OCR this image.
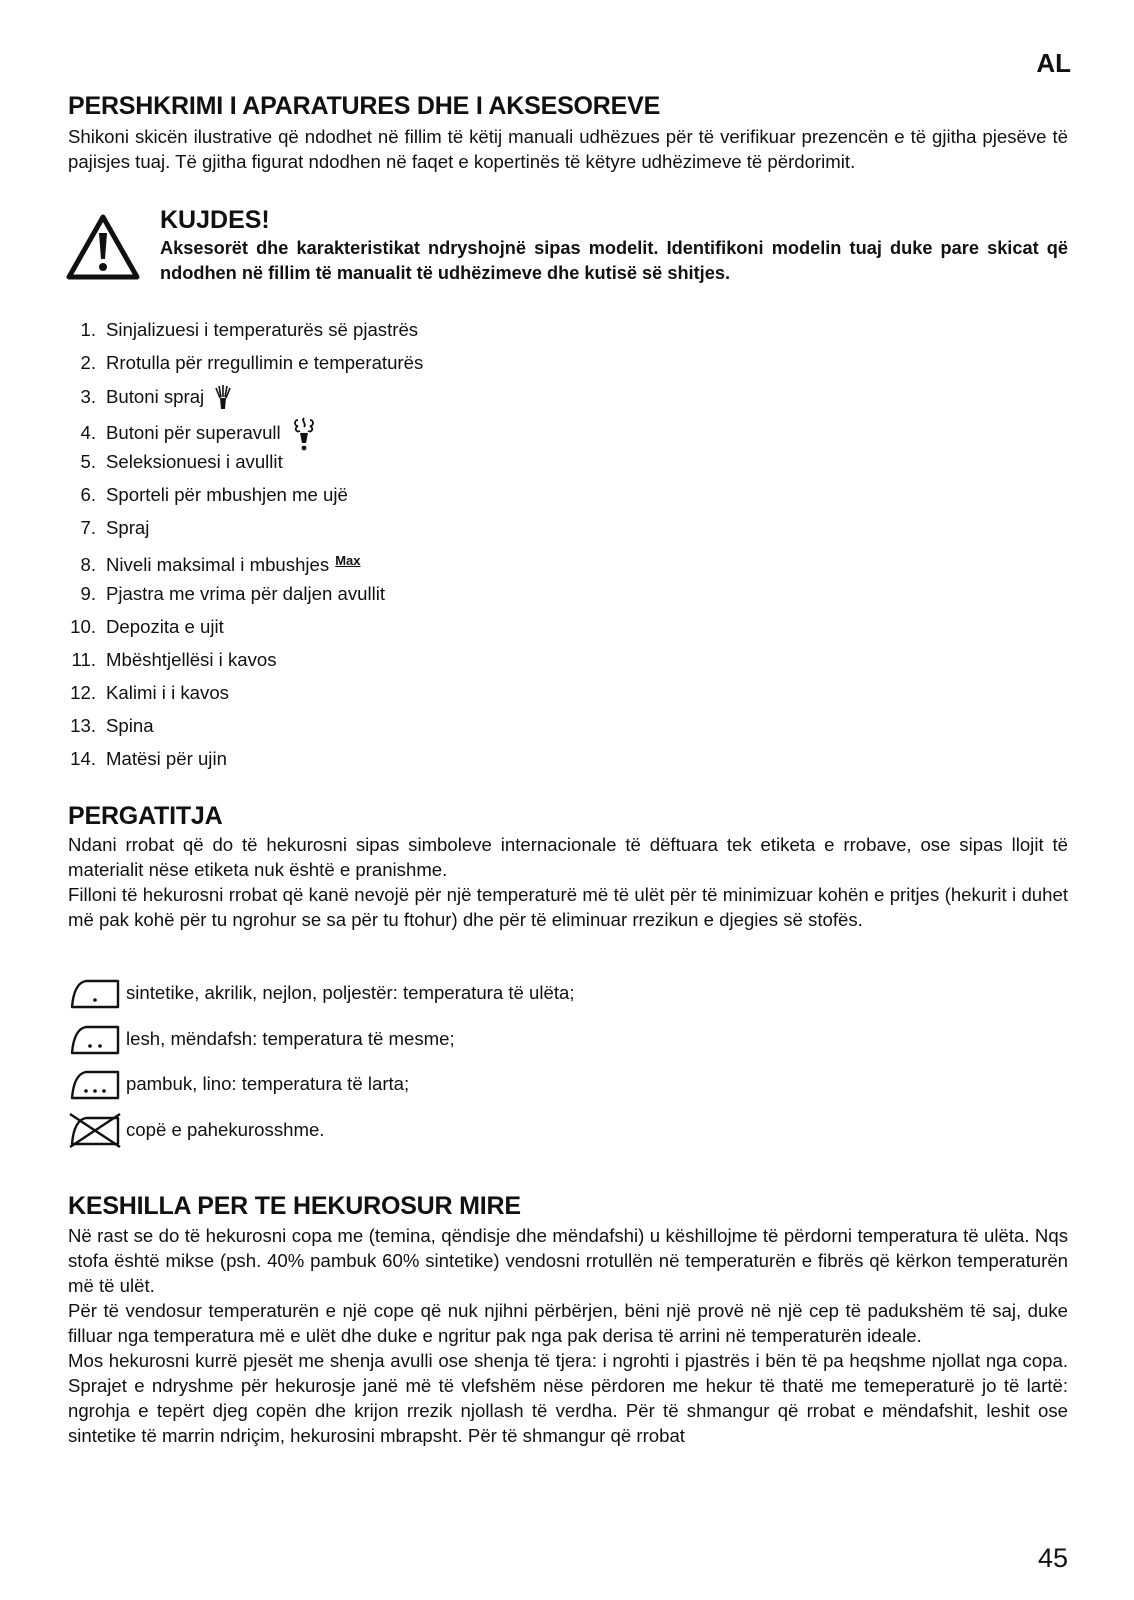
AL
PERSHKRIMI I APARATURES DHE I AKSESOREVE

Shikoni skicën ilustrative që ndodhet në fillim të këtij manuali udhëzues për të verifikuar prezencën e të gjitha pjesëve të pajisjes tuaj. Të gjitha figurat ndodhen në faqet e kopertinës të këtyre udhëzimeve të përdorimit.

KUJDES!

Aksesorët dhe karakteristikat ndryshojnë sipas modelit. Identifikoni modelin tuaj duke pare skicat që ndodhen në fillim të manualit të udhëzimeve dhe kutisë së shitjes.

1. Sinjalizuesi i temperaturës së pjastrës
2. Rrotulla për rregullimin e temperaturës
3. Butoni spraj
4. Butoni për superavull
5. Seleksionuesi i avullit
6. Sporteli për mbushjen me ujë
7. Spraj
8. Niveli maksimal i mbushjes $^{Max}$
9. Pjastra me vrima për daljen avullit
10. Depozita e ujit
11. Mbështjellësi i kavos
12. Kalimi i i kavos
13. Spina
14. Matësi për ujin
PERGATITJA

Ndani rrobat që do të hekurosni sipas simboleve internacionale të dëftuara tek etiketa e rrobave, ose sipas llojit të materialit nëse etiketa nuk është e pranishme.

Filloni të hekurosni rrobat që kanë nevojë për një temperaturë më të ulët për të minimizuar kohën e pritjes (hekurit i duhet më pak kohë për tu ngrohur se sa për tu ftohur) dhe për të eliminuar rrezikun e djegies së stofës.

sintetike, akrilik, nejlon, poljestër: temperatura të ulëta;
lesh, mëndafsh: temperatura të mesme;
pambuk, lino: temperatura të larta;
copë e pahekurosshme.
KESHILLA PER TE HEKUROSUR MIRE

Në rast se do të hekurosni copa me (temina, qëndisje dhe mëndafshi) u këshillojme të përdorni temperatura të ulëta. Nqs stofa është mikse (psh. 40% pambuk 60% sintetike) vendosni rrotullën në temperaturën e fibrës që kërkon temperaturën më të ulët.

Për të vendosur temperaturën e një cope që nuk njihni përbërjen, bëni një provë në një cep të padukshëm të saj, duke filluar nga temperatura më e ulët dhe duke e ngritur pak nga pak derisa të arrini në temperaturën ideale.

Mos hekurosni kurrë pjesët me shenja avulli ose shenja të tjera: i ngrohti i pjastrës i bën të pa heqshme njollat nga copa. Sprajet e ndryshme për hekurosje janë më të vlefshëm nëse përdoren me hekur të thatë me temeperaturë jo të lartë: ngrohja e tepërt djeg copën dhe krijon rrezik njollash të verdha. Për të shmangur që rrobat e mëndafshit, leshit ose sintetike të marrin ndriçim, hekurosini mbrapsht. Për të shmangur që rrobat

45
